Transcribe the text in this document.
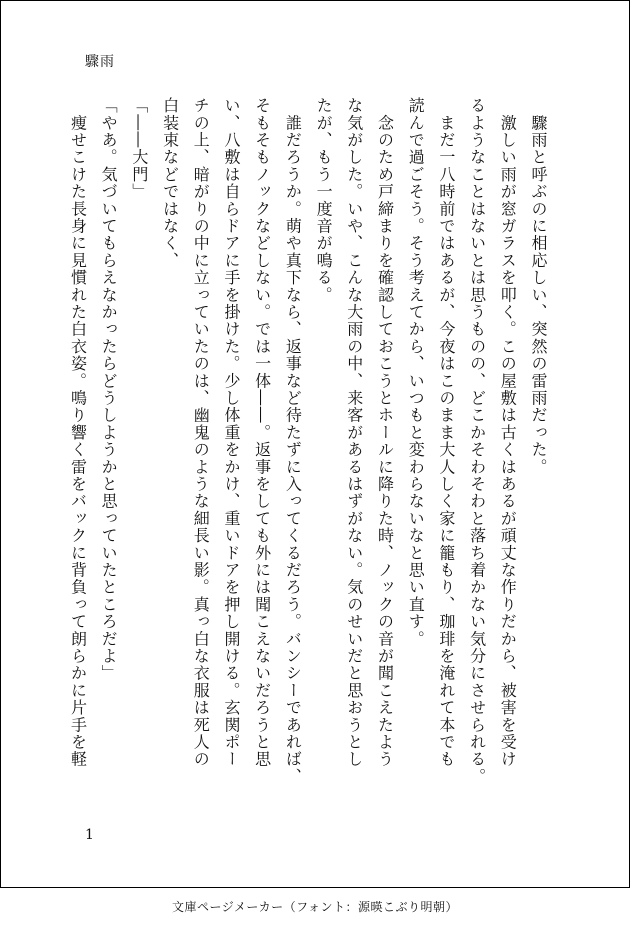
驟雨
　驟雨と呼ぶのに相応しい、突然の雷雨だった。
　激しい雨が窓ガラスを叩く。この屋敷は古くはあるが頑丈な作りだから、被害を受け
るようなことはないとは思うものの、どこかそわそわと落ち着かない気分にさせられる。
　まだ一八時前ではあるが、今夜はこのまま大人しく家に籠もり、珈琲を淹れて本でも
読んで過ごそう。そう考えてから、いつもと変わらないなと思い直す。
　念のため戸締まりを確認しておこうとホールに降りた時、ノックの音が聞こえたよう
な気がした。いや、こんな大雨の中、来客があるはずがない。気のせいだと思おうとし
たが、もう一度音が鳴る。
　誰だろうか。萌や真下なら、返事など待たずに入ってくるだろう。バンシーであれば、
そもそもノックなどしない。では一体――。返事をしても外には聞こえないだろうと思
い、八敷は自らドアに手を掛けた。少し体重をかけ、重いドアを押し開ける。玄関ポー
チの上、暗がりの中に立っていたのは、幽鬼のような細長い影。真っ白な衣服は死人の
白装束などではなく、
「――大門」
「やあ。気づいてもらえなかったらどうしようかと思っていたところだよ」
　痩せこけた長身に見慣れた白衣姿。鳴り響く雷をバックに背負って朗らかに片手を軽
1
文庫ページメーカー（フォント：源暎こぶり明朝）
